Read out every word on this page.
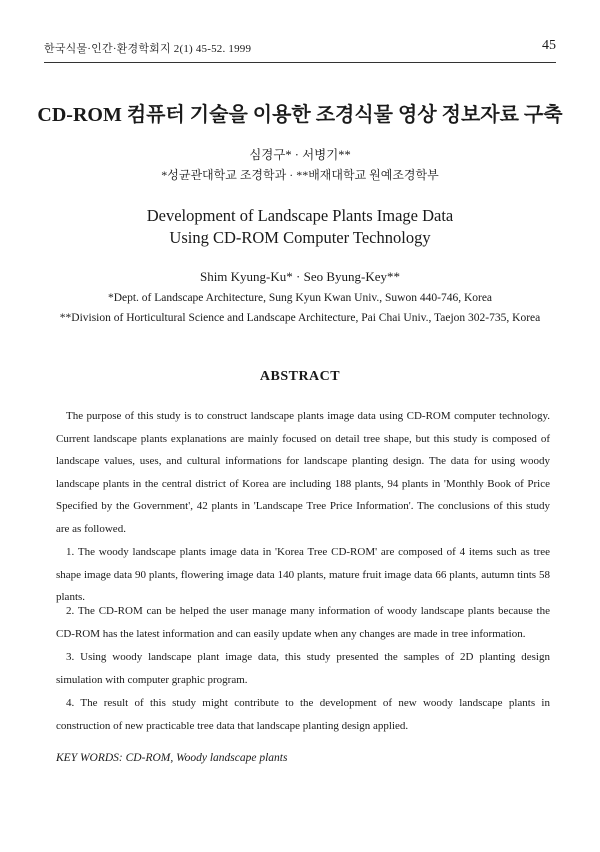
한국식물·인간·환경학회지 2(1) 45-52. 1999	45
CD-ROM 컴퓨터 기술을 이용한 조경식물 영상 정보자료 구축
심경구* · 서병기**
*성균관대학교 조경학과 · **배재대학교 원예조경학부
Development of Landscape Plants Image Data
Using CD-ROM Computer Technology
Shim Kyung-Ku* · Seo Byung-Key**
*Dept. of Landscape Architecture, Sung Kyun Kwan Univ., Suwon 440-746, Korea
**Division of Horticultural Science and Landscape Architecture, Pai Chai Univ., Taejon 302-735, Korea
ABSTRACT

The purpose of this study is to construct landscape plants image data using CD-ROM computer technology. Current landscape plants explanations are mainly focused on detail tree shape, but this study is composed of landscape values, uses, and cultural informations for landscape planting design. The data for using woody landscape plants in the central district of Korea are including 188 plants, 94 plants in 'Monthly Book of Price Specified by the Government', 42 plants in 'Landscape Tree Price Information'. The conclusions of this study are as followed.

1. The woody landscape plants image data in 'Korea Tree CD-ROM' are composed of 4 items such as tree shape image data 90 plants, flowering image data 140 plants, mature fruit image data 66 plants, autumn tints 58 plants.

2. The CD-ROM can be helped the user manage many information of woody landscape plants because the CD-ROM has the latest information and can easily update when any changes are made in tree information.

3. Using woody landscape plant image data, this study presented the samples of 2D planting design simulation with computer graphic program.

4. The result of this study might contribute to the development of new woody landscape plants in construction of new practicable tree data that landscape planting design applied.

KEY WORDS: CD-ROM, Woody landscape plants
